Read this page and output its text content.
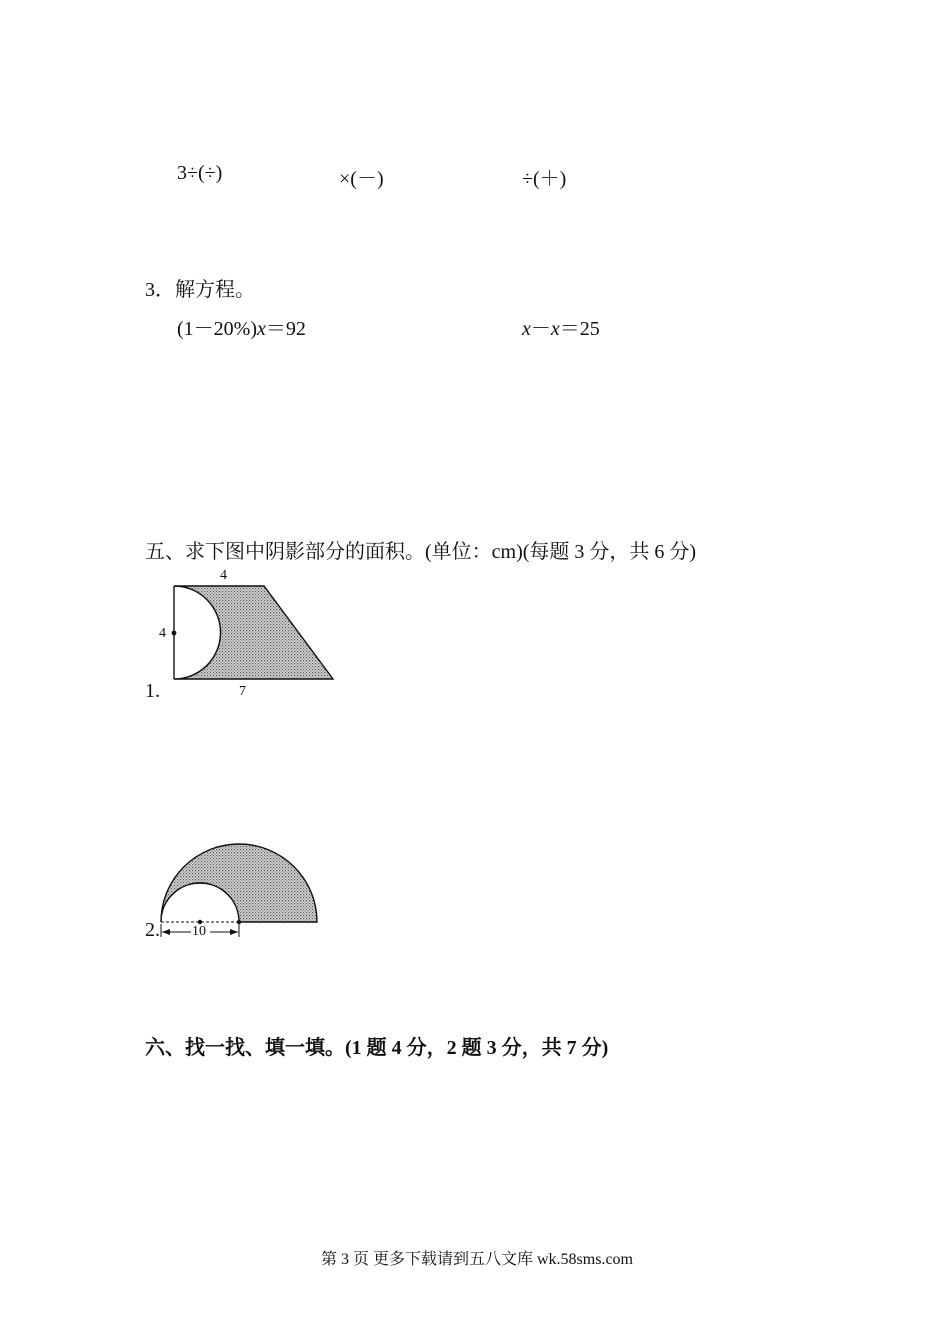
3÷(÷)	×(－)	÷(＋)
3．解方程。
(1－20%)x＝92	x－x＝25
五、求下图中阴影部分的面积。(单位：cm)(每题 3 分，共 6 分)
4
4
7
1.
10
2.
六、找一找、填一填。(1 题 4 分，2 题 3 分，共 7 分)
第 3 页 更多下载请到五八文库 wk.58sms.com
